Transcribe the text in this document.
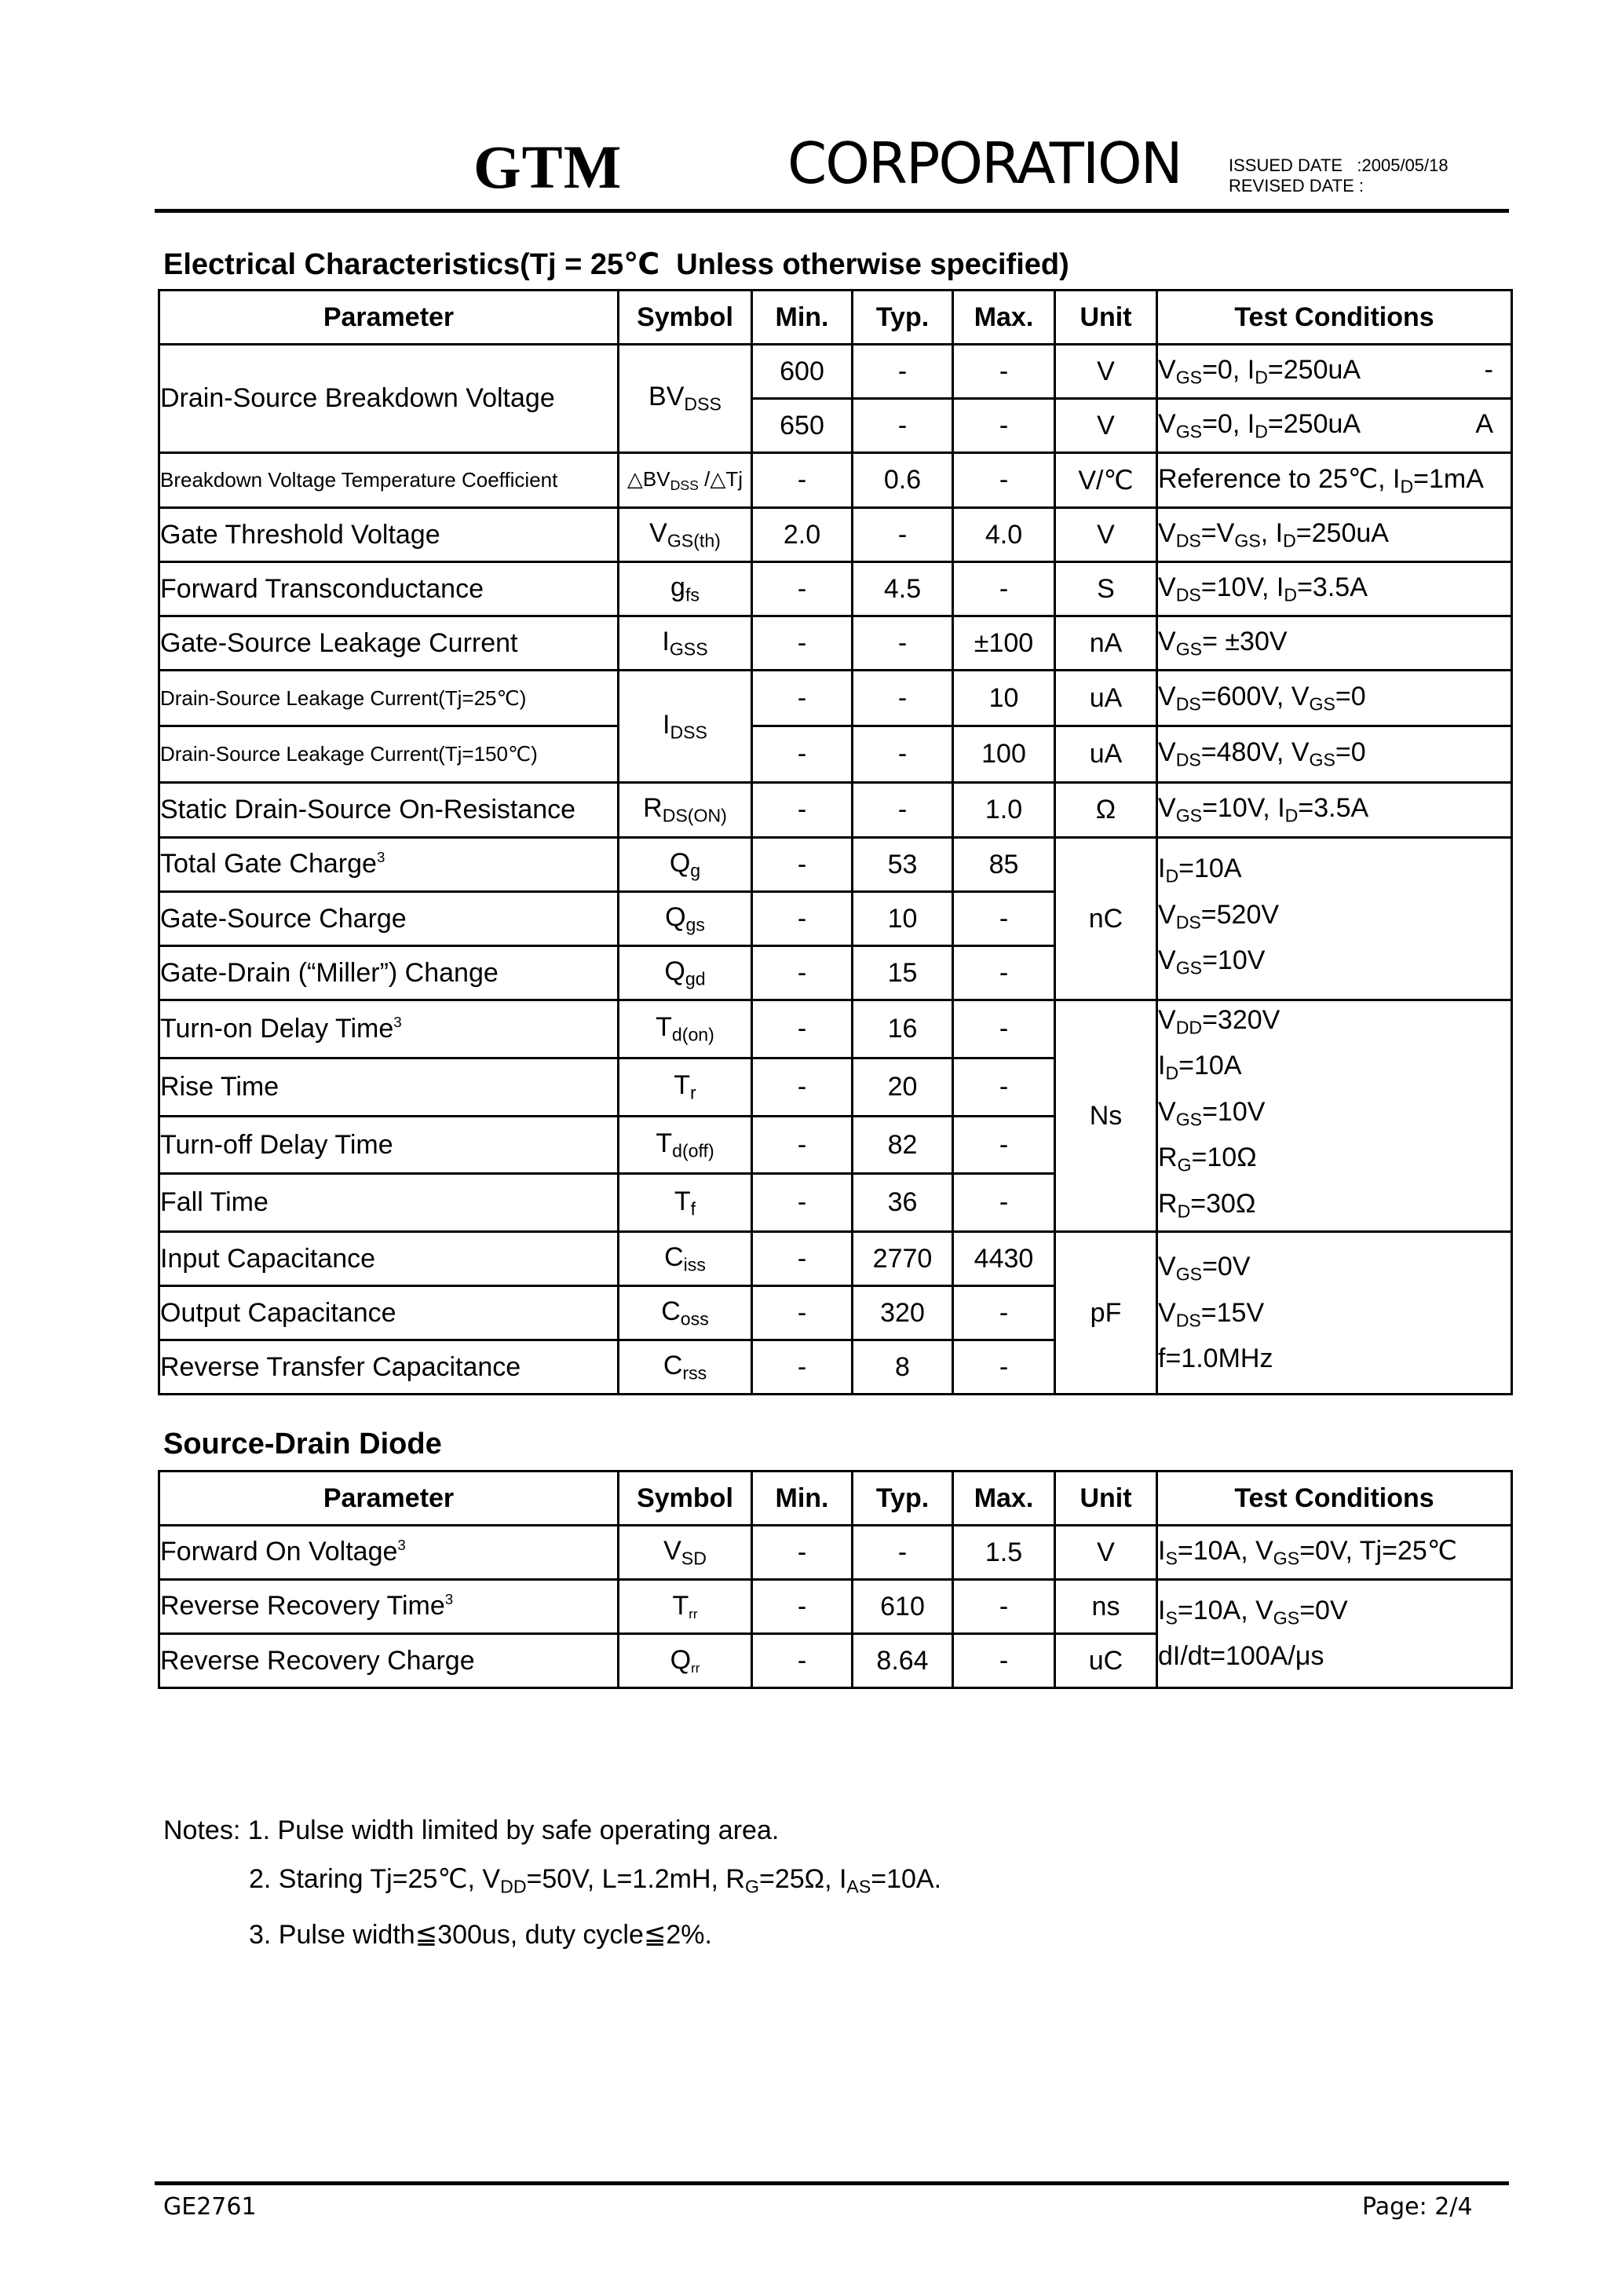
GTM	CORPORATION	ISSUED DATE   :2005/05/18
REVISED DATE :
Electrical Characteristics(Tj = 25℃  Unless otherwise specified)
Parameter	Symbol	Min.	Typ.	Max.	Unit	Test Conditions
Drain-Source Breakdown Voltage	$BV_{DSS}$	600	-	-	V	$V_{GS}=0$, $I_D=250uA$ -

		650	-	-	V	$V_{GS}=0$, $I_D=250uA$ A

Breakdown Voltage Temperature Coefficient	$\triangle BV_{DSS}$ /△Tj	-	0.6	-	V/℃	Reference to 25℃, $I_D=1mA$
Gate Threshold Voltage	$V_{GS(th)}$	2.0	-	4.0	V	$V_{DS}=V_{GS}$, $I_D=250uA$
Forward Transconductance	$g_{fs}$	-	4.5	-	S	$V_{DS}=10V$, $I_D=3.5A$
Gate-Source Leakage Current	$I_{GSS}$	-	-	±100	nA	$V_{GS}= \pm 30V$
Drain-Source Leakage Current(Tj=25℃)	$I_{DSS}$	-	-	10	uA	$V_{DS}=600V$, $V_{GS}=0$
Drain-Source Leakage Current(Tj=150℃)		-	-	100	uA	$V_{DS}=480V$, $V_{GS}=0$
Static Drain-Source On-Resistance	$R_{DS(ON)}$	-	-	1.0	Ω	$V_{GS}=10V$, $I_D=3.5A$
Total Gate Charge$^3$	$Q_g$	-	53	85	nC	$I_D=10A$
$V_{DS}=520V$
$V_{GS}=10V$

Gate-Source Charge	$Q_{gs}$	-	10	-		
Gate-Drain (“Miller”) Change	$Q_{gd}$	-	15	-		
Turn-on Delay Time$^3$	$T_{d(on)}$	-	16	-	Ns	$V_{DD}=320V$
$I_D=10A$
$V_{GS}=10V$
$R_G=10\Omega$
$R_D=30\Omega$

Rise Time	$T_r$	-	20	-		
Turn-off Delay Time	$T_{d(off)}$	-	82	-		
Fall Time	$T_f$	-	36	-		
Input Capacitance	$C_{iss}$	-	2770	4430	pF	$V_{GS}=0V$
$V_{DS}=15V$
f=1.0MHz

Output Capacitance	$C_{oss}$	-	320	-		
Reverse Transfer Capacitance	$C_{rss}$	-	8	-		
Source-Drain Diode
Parameter	Symbol	Min.	Typ.	Max.	Unit	Test Conditions
Forward On Voltage$^3$	$V_{SD}$	-	-	1.5	V	$I_S=10A$, $V_{GS}=0V$, Tj=25℃
Reverse Recovery Time$^3$	$T_{rr}$	-	610	-	ns	$I_S=10A$, $V_{GS}=0V$
dI/dt=100A/μs

Reverse Recovery Charge	$Q_{rr}$	-	8.64	-	uC	
Notes: 1. Pulse width limited by safe operating area.
2. Staring Tj=25℃, $V_{DD}=50V$, L=1.2mH, $R_G=25\Omega$, $I_{AS}=10A$.
3. Pulse width≦300us, duty cycle≦2%.
GE2761	Page: 2/4
